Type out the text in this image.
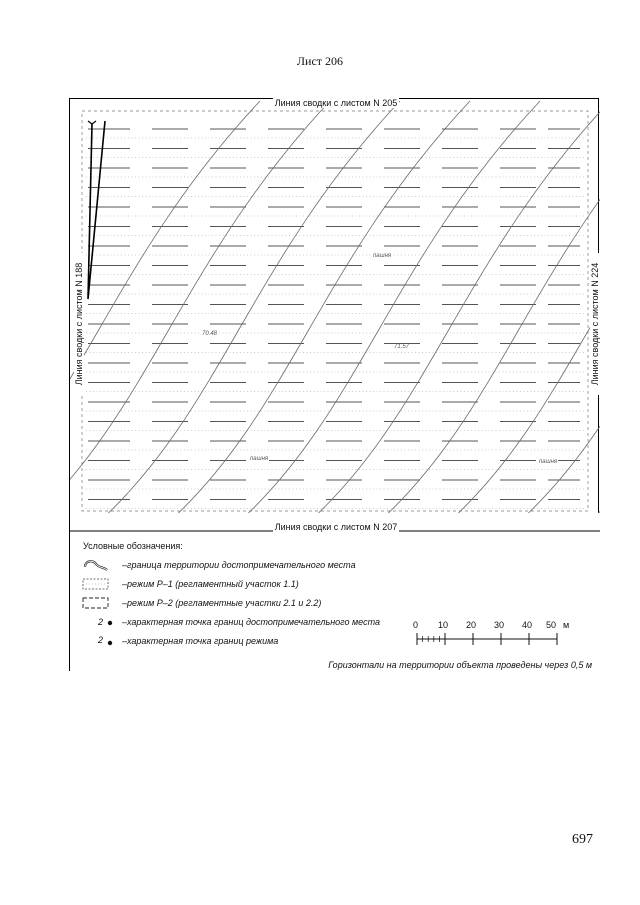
Лист 206
Линия сводки с листом N 205
Линия сводки с листом N 207
Линия сводки с листом N 188	Линия сводки с листом N 224
пашня
пашня	пашня
71.57
70.48
Условные обозначения:
–граница территории достопримечательного места
–режим Р–1 (регламентный участок 1.1)
–режим Р–2 (регламентные участки 2.1 и 2.2)
2 –характерная точка границ достопримечательного места
2 –характерная точка границ режима
0 10 20 30 40 50 м
Горизонтали на территории объекта проведены через 0,5 м
697
